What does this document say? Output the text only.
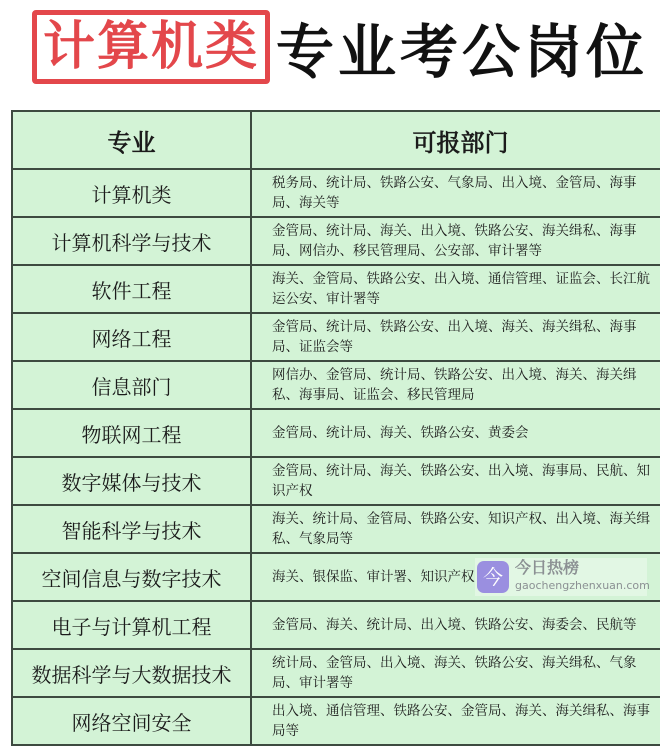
计算机类 专业考公岗位
专业	可报部门
计算机类	税务局、统计局、铁路公安、气象局、出入境、金管局、海事局、海关等
计算机科学与技术	金管局、统计局、海关、出入境、铁路公安、海关缉私、海事局、网信办、移民管理局、公安部、审计署等
软件工程	海关、金管局、铁路公安、出入境、通信管理、证监会、长江航运公安、审计署等
网络工程	金管局、统计局、铁路公安、出入境、海关、海关缉私、海事局、证监会等
信息部门	网信办、金管局、统计局、铁路公安、出入境、海关、海关缉私、海事局、证监会、移民管理局
物联网工程	金管局、统计局、海关、铁路公安、黄委会
数字媒体与技术	金管局、统计局、海关、铁路公安、出入境、海事局、民航、知识产权
智能科学与技术	海关、统计局、金管局、铁路公安、知识产权、出入境、海关缉私、气象局等
空间信息与数字技术	海关、银保监、审计署、知识产权 今 今日热榜
gaochengzhenxuan.com

电子与计算机工程	金管局、海关、统计局、出入境、铁路公安、海委会、民航等
数据科学与大数据技术	统计局、金管局、出入境、海关、铁路公安、海关缉私、气象局、审计署等
网络空间安全	出入境、通信管理、铁路公安、金管局、海关、海关缉私、海事局等
